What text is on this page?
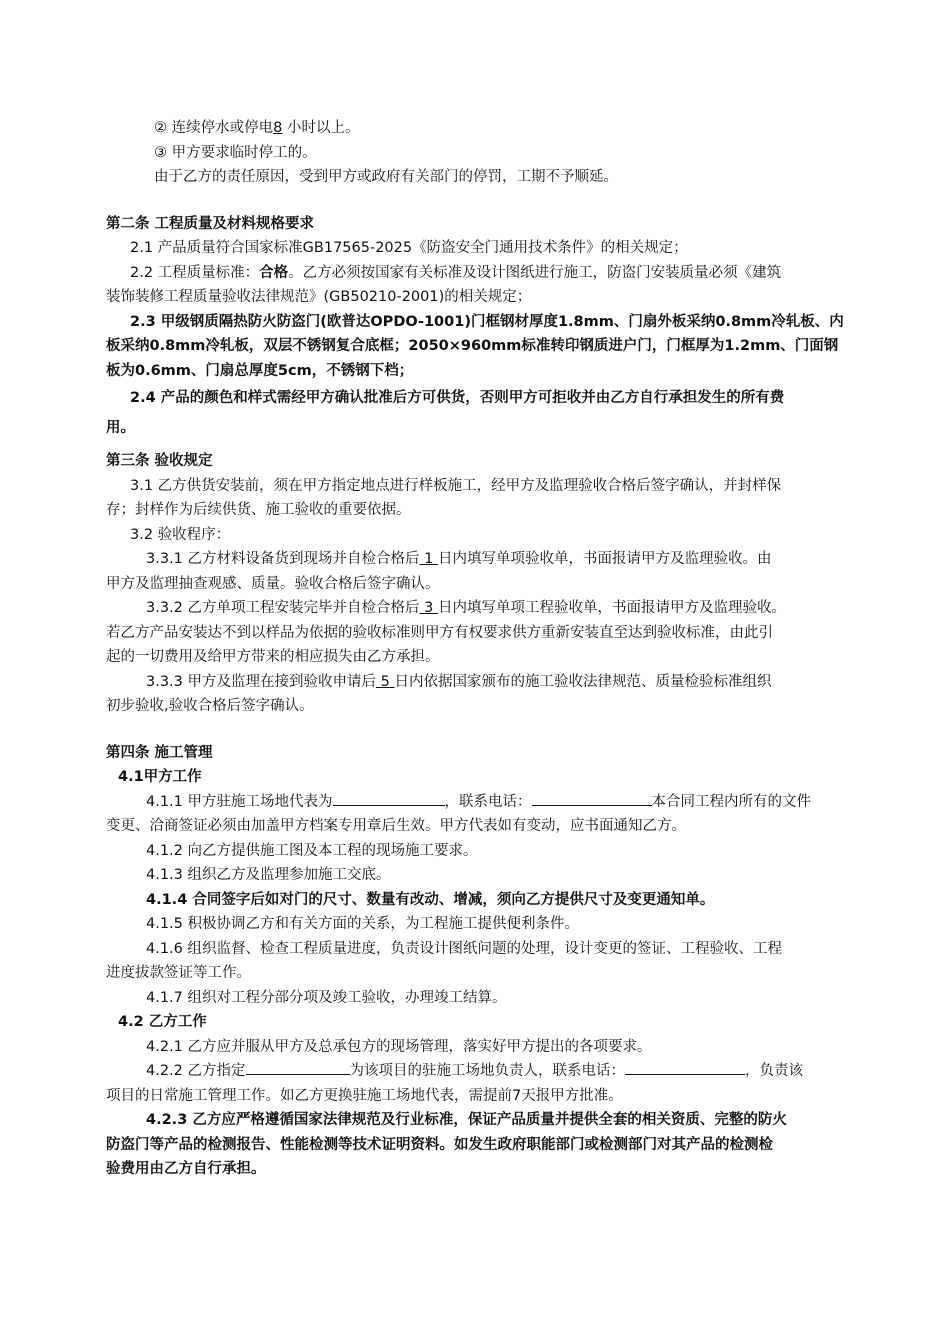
② 连续停水或停电8 小时以上。

③ 甲方要求临时停工的。

由于乙方的责任原因，受到甲方或政府有关部门的停罚，工期不予顺延。

第二条 工程质量及材料规格要求

2.1 产品质量符合国家标准GB17565-2025《防盗安全门通用技术条件》的相关规定；

2.2 工程质量标准：合格。乙方必须按国家有关标准及设计图纸进行施工，防盗门安装质量必须《建筑

装饰装修工程质量验收法律规范》(GB50210-2001)的相关规定；

2.3 甲级钢质隔热防火防盗门(欧普达OPDO-1001)门框钢材厚度1.8mm、门扇外板采纳0.8mm冷轧板、内

板采纳0.8mm冷轧板，双层不锈钢复合底框；2050×960mm标准转印钢质进户门，门框厚为1.2mm、门面钢

板为0.6mm、门扇总厚度5cm，不锈钢下档；

2.4 产品的颜色和样式需经甲方确认批准后方可供货，否则甲方可拒收并由乙方自行承担发生的所有费

用。

第三条 验收规定

3.1 乙方供货安装前，须在甲方指定地点进行样板施工，经甲方及监理验收合格后签字确认，并封样保

存；封样作为后续供货、施工验收的重要依据。

3.2 验收程序：

3.3.1 乙方材料设备货到现场并自检合格后 1 日内填写单项验收单，书面报请甲方及监理验收。由

甲方及监理抽查观感、质量。验收合格后签字确认。

3.3.2 乙方单项工程安装完毕并自检合格后 3 日内填写单项工程验收单，书面报请甲方及监理验收。

若乙方产品安装达不到以样品为依据的验收标准则甲方有权要求供方重新安装直至达到验收标准，由此引

起的一切费用及给甲方带来的相应损失由乙方承担。

3.3.3 甲方及监理在接到验收申请后 5 日内依据国家颁布的施工验收法律规范、质量检验标准组织

初步验收,验收合格后签字确认。

第四条 施工管理

4.1甲方工作

4.1.1 甲方驻施工场地代表为	，联系电话：	本合同工程内所有的文件

变更、洽商签证必须由加盖甲方档案专用章后生效。甲方代表如有变动，应书面通知乙方。

4.1.2 向乙方提供施工图及本工程的现场施工要求。

4.1.3 组织乙方及监理参加施工交底。

4.1.4 合同签字后如对门的尺寸、数量有改动、增减，须向乙方提供尺寸及变更通知单。

4.1.5 积极协调乙方和有关方面的关系，为工程施工提供便利条件。

4.1.6 组织监督、检查工程质量进度，负责设计图纸问题的处理，设计变更的签证、工程验收、工程

进度拔款签证等工作。

4.1.7 组织对工程分部分项及竣工验收，办理竣工结算。

4.2 乙方工作

4.2.1 乙方应并服从甲方及总承包方的现场管理，落实好甲方提出的各项要求。

4.2.2 乙方指定	为该项目的驻施工场地负责人，联系电话：	，负责该

项目的日常施工管理工作。如乙方更换驻施工场地代表，需提前7天报甲方批准。

4.2.3 乙方应严格遵循国家法律规范及行业标准，保证产品质量并提供全套的相关资质、完整的防火

防盗门等产品的检测报告、性能检测等技术证明资料。如发生政府职能部门或检测部门对其产品的检测检

验费用由乙方自行承担。
